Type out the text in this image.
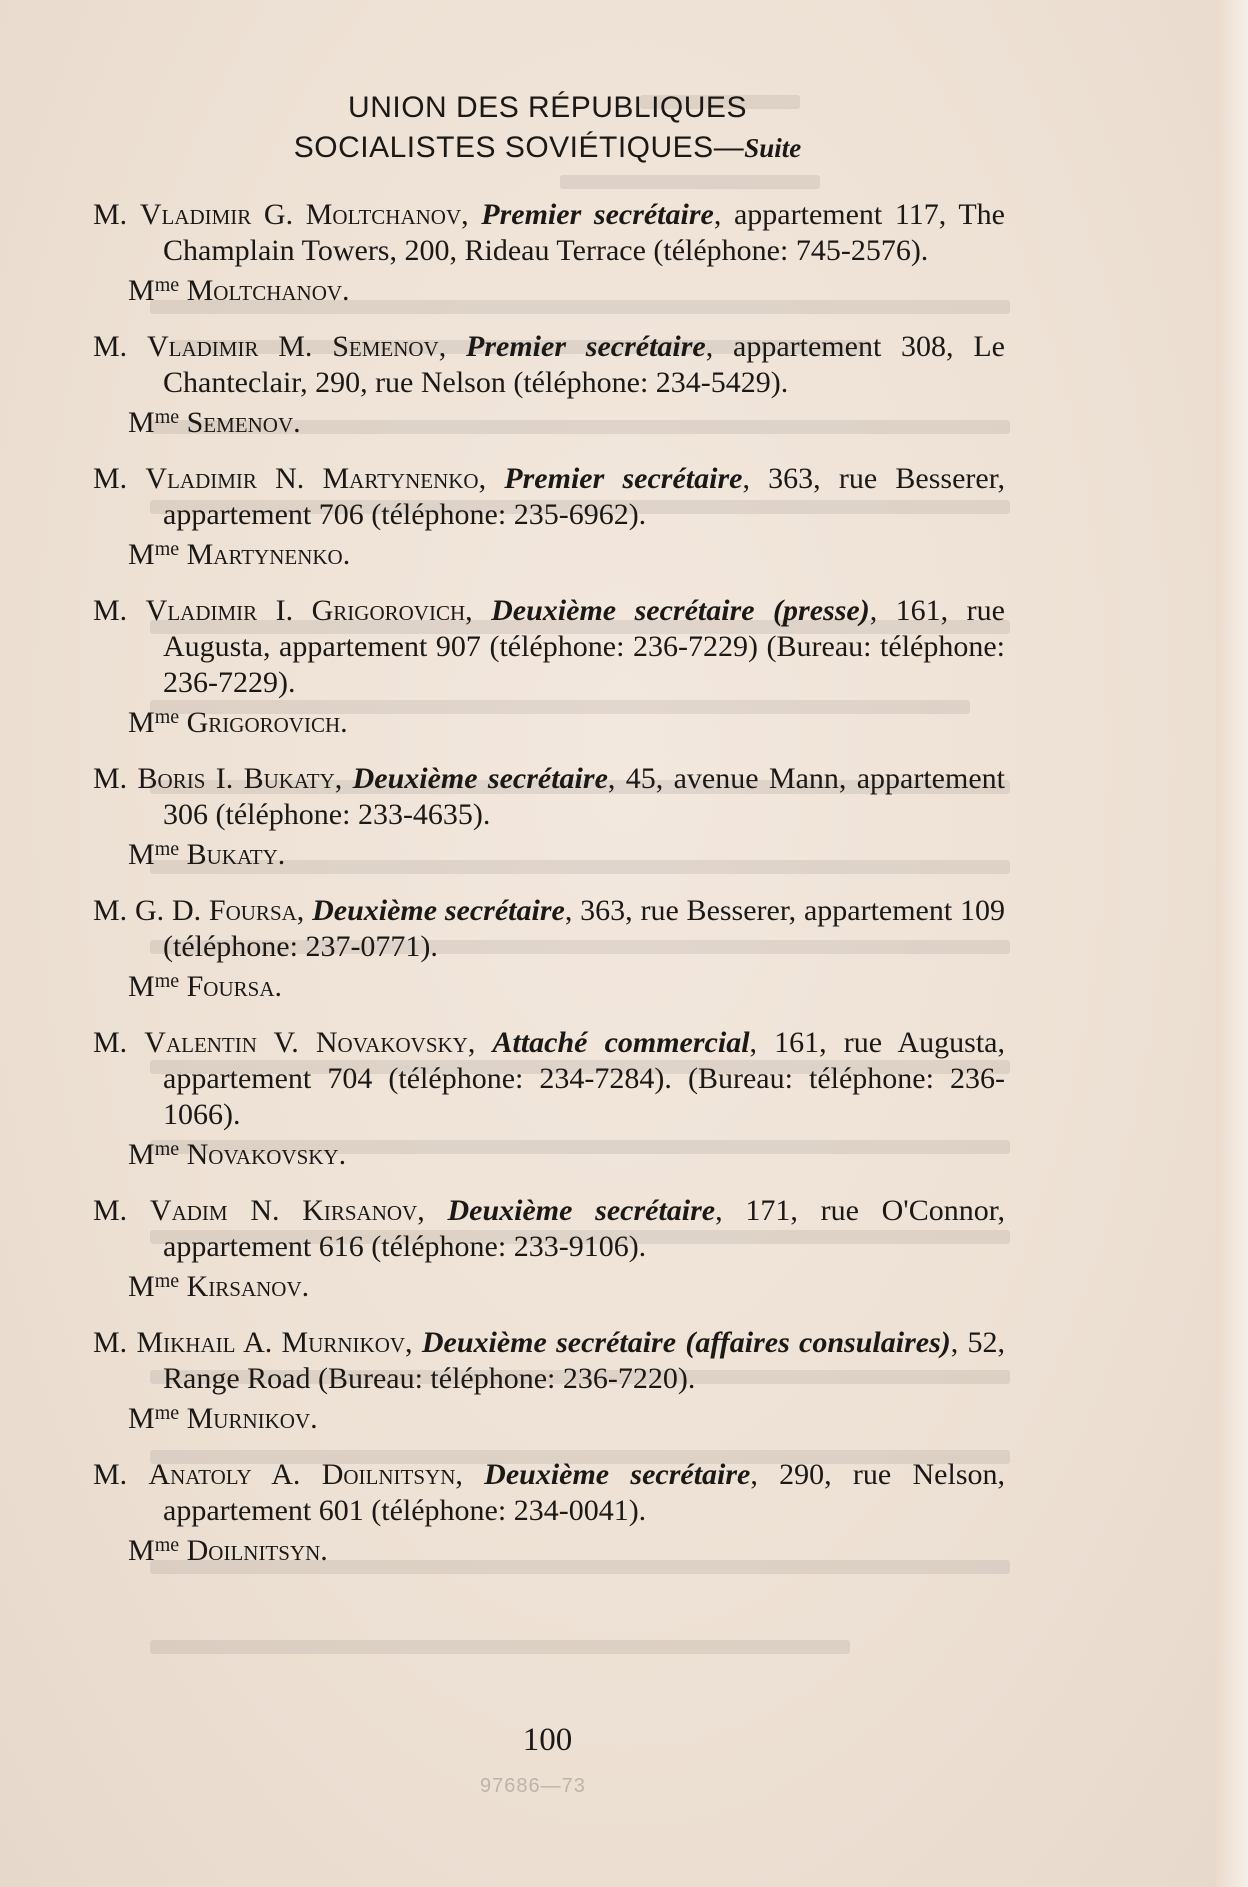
UNION DES RÉPUBLIQUES
SOCIALISTES SOVIÉTIQUES—Suite

M. Vladimir G. Moltchanov, Premier secrétaire, appartement 117, The Champlain Towers, 200, Rideau Terrace (téléphone: 745-2576).

$M^{me}$ Moltchanov.

M. Vladimir M. Semenov, Premier secrétaire, appartement 308, Le Chanteclair, 290, rue Nelson (téléphone: 234-5429).

$M^{me}$ Semenov.

M. Vladimir N. Martynenko, Premier secrétaire, 363, rue Besserer, appartement 706 (téléphone: 235-6962).

$M^{me}$ Martynenko.

M. Vladimir I. Grigorovich, Deuxième secrétaire (presse), 161, rue Augusta, appartement 907 (téléphone: 236-7229) (Bureau: téléphone: 236-7229).

$M^{me}$ Grigorovich.

M. Boris I. Bukaty, Deuxième secrétaire, 45, avenue Mann, appartement 306 (téléphone: 233-4635).

$M^{me}$ Bukaty.

M. G. D. Foursa, Deuxième secrétaire, 363, rue Besserer, appartement 109 (téléphone: 237-0771).

$M^{me}$ Foursa.

M. Valentin V. Novakovsky, Attaché commercial, 161, rue Augusta, appartement 704 (téléphone: 234-7284). (Bureau: téléphone: 236-1066).

$M^{me}$ Novakovsky.

M. Vadim N. Kirsanov, Deuxième secrétaire, 171, rue O'Connor, appartement 616 (téléphone: 233-9106).

$M^{me}$ Kirsanov.

M. Mikhail A. Murnikov, Deuxième secrétaire (affaires consulaires), 52, Range Road (Bureau: téléphone: 236-7220).

$M^{me}$ Murnikov.

M. Anatoly A. Doilnitsyn, Deuxième secrétaire, 290, rue Nelson, appartement 601 (téléphone: 234-0041).

$M^{me}$ Doilnitsyn.

100
97686—73
